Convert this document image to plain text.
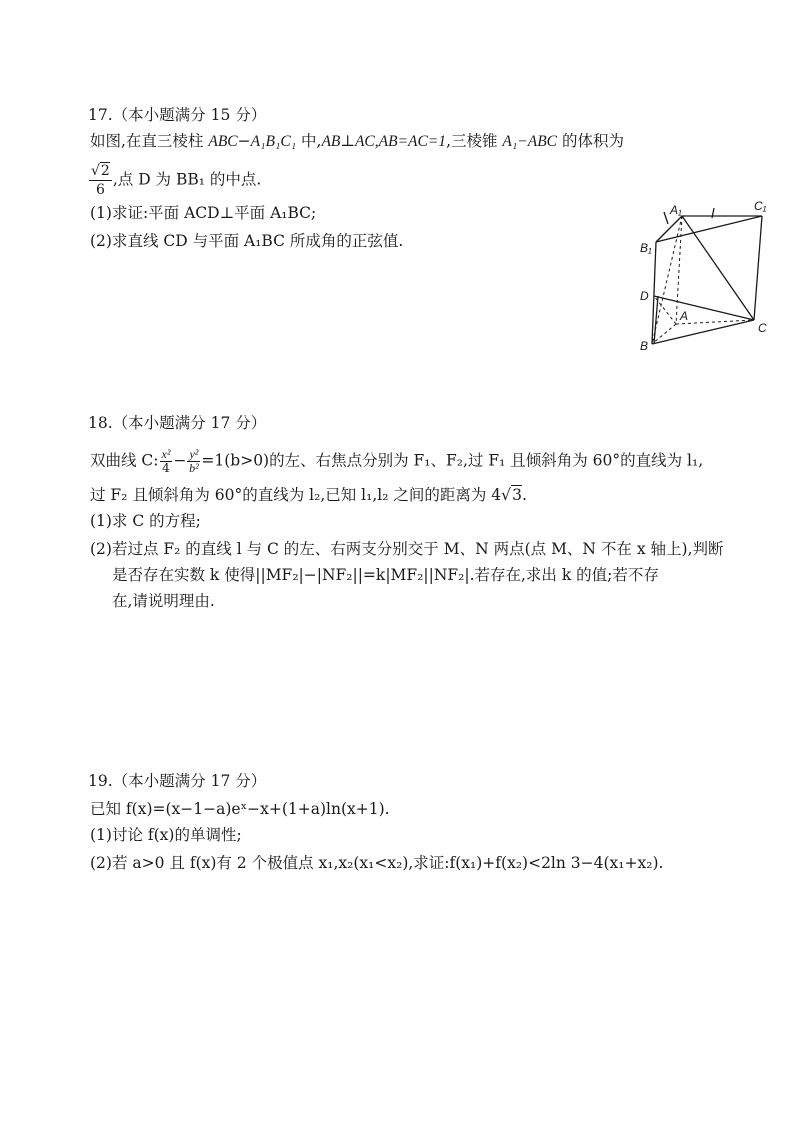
17.（本小题满分 15 分）
如图,在直三棱柱 ABC−A₁B₁C₁ 中,AB⊥AC,AB=AC=1,三棱锥 A₁−ABC 的体积为
$\frac{√2}{6}$ ,点 D 为 BB₁ 的中点.
(1)求证:平面 ACD⊥平面 A₁BC;
(2)求直线 CD 与平面 A₁BC 所成角的正弦值.
A₁	C₁
B₁
D
A
B
C
18.（本小题满分 17 分）
双曲线 C: $\frac{\text{x²}}{4} - \frac{\text{y²}}{\text{b²}} =1(b>0)$的左、右焦点分别为 F₁、F₂,过 F₁ 且倾斜角为 60°的直线为 l₁,
过 F₂ 且倾斜角为 60°的直线为 l₂,已知 l₁,l₂ 之间的距离为 4√3.
(1)求 C 的方程;
(2)若过点 F₂ 的直线 l 与 C 的左、右两支分别交于 M、N 两点(点 M、N 不在 x 轴上),判断
是否存在实数 k 使得||MF₂|−|NF₂||=k|MF₂||NF₂|.若存在,求出 k 的值;若不存
在,请说明理由.
19.（本小题满分 17 分）
已知 f(x)=(x−1−a)eˣ−x+(1+a)ln(x+1).
(1)讨论 f(x)的单调性;
(2)若 a>0 且 f(x)有 2 个极值点 x₁,x₂(x₁<x₂),求证:f(x₁)+f(x₂)<2ln 3−4(x₁+x₂).
